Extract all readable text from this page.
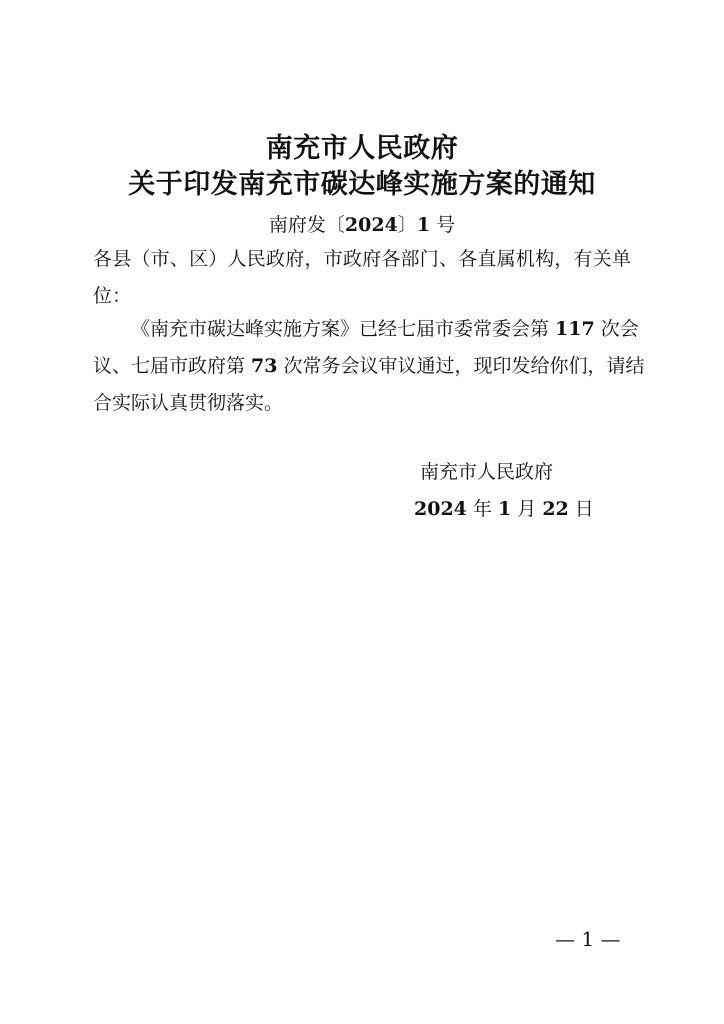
南充市人民政府
关于印发南充市碳达峰实施方案的通知
南府发〔2024〕1 号
各县（市、区）人民政府，市政府各部门、各直属机构，有关单
位：
《南充市碳达峰实施方案》已经七届市委常委会第 117 次会
议、七届市政府第 73 次常务会议审议通过，现印发给你们，请结
合实际认真贯彻落实。
南充市人民政府
2024 年 1 月 22 日
— 1 —
